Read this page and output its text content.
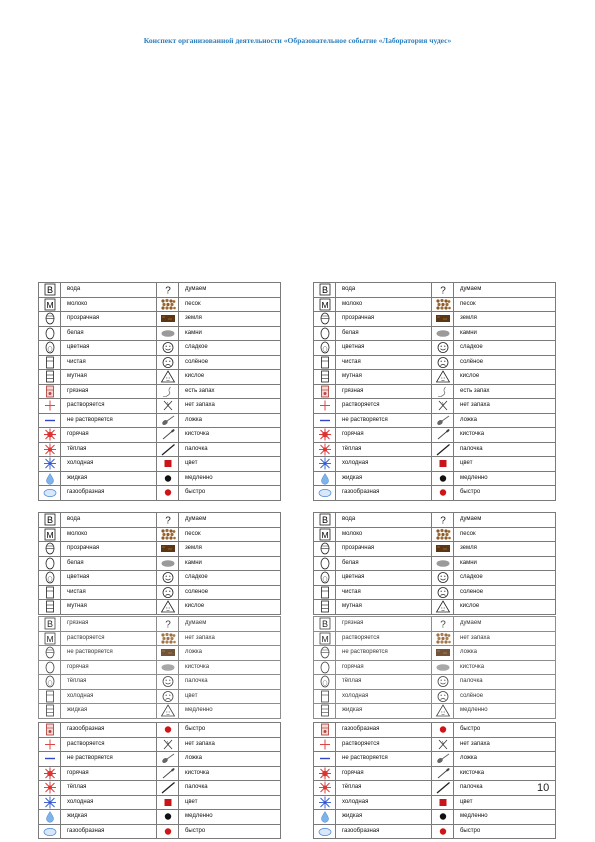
Конспект организованной деятельности «Образовательное событие «Лаборатория чудес»
В	вода	?	думаем

М	молоко		песок

	прозрачная		земля

	белая		камни

	цветная		сладкое

	чистая		солёное

	мутная		кислое

	грязная		есть запах

	растворяется		нет запаха

	не растворяется		ложка

	горячая		кисточка

	тёплая		палочка

	холодная		цвет

	жидкая		медленно

	газообразная		быстро
В	вода	?	думаем

М	молоко		песок

	прозрачная		земля

	белая		камни

	цветная		сладкое

	чистая		солёное

	мутная		кислое

	грязная		есть запах

	растворяется		нет запаха

	не растворяется		ложка

	горячая		кисточка

	тёплая		палочка

	холодная		цвет

	жидкая		медленно

	газообразная		быстро
В	вода	?	думаем

М	молоко		песок

	прозрачная		земля

	белая		камни

	цветная		сладкое

	чистая		соленое

	мутная		кислое
В	вода	?	думаем

М	молоко		песок

	прозрачная		земля

	белая		камни

	цветная		сладкое

	чистая		соленое

	мутная		кислое
В	грязная	?	думаем

М	растворяется		нет запаха

	не растворяется		ложка

	горячая		кисточка

	тёплая		палочка

	холодная		цвет

	жидкая		медленно
В	грязная	?	думаем

М	растворяется		нет запаха

	не растворяется		ложка

	горячая		кисточка

	тёплая		палочка

	холодная		солёное

	жидкая		медленно
	газообразная		быстро

	растворяется		нет запаха

	не растворяется		ложка

	горячая		кисточка

	тёплая		палочка

	холодная		цвет

	жидкая		медленно

	газообразная		быстро
	газообразная		быстро

	растворяется		нет запаха

	не растворяется		ложка

	горячая		кисточка

	тёплая		палочка

	холодная		цвет

	жидкая		медленно

	газообразная		быстро
10
